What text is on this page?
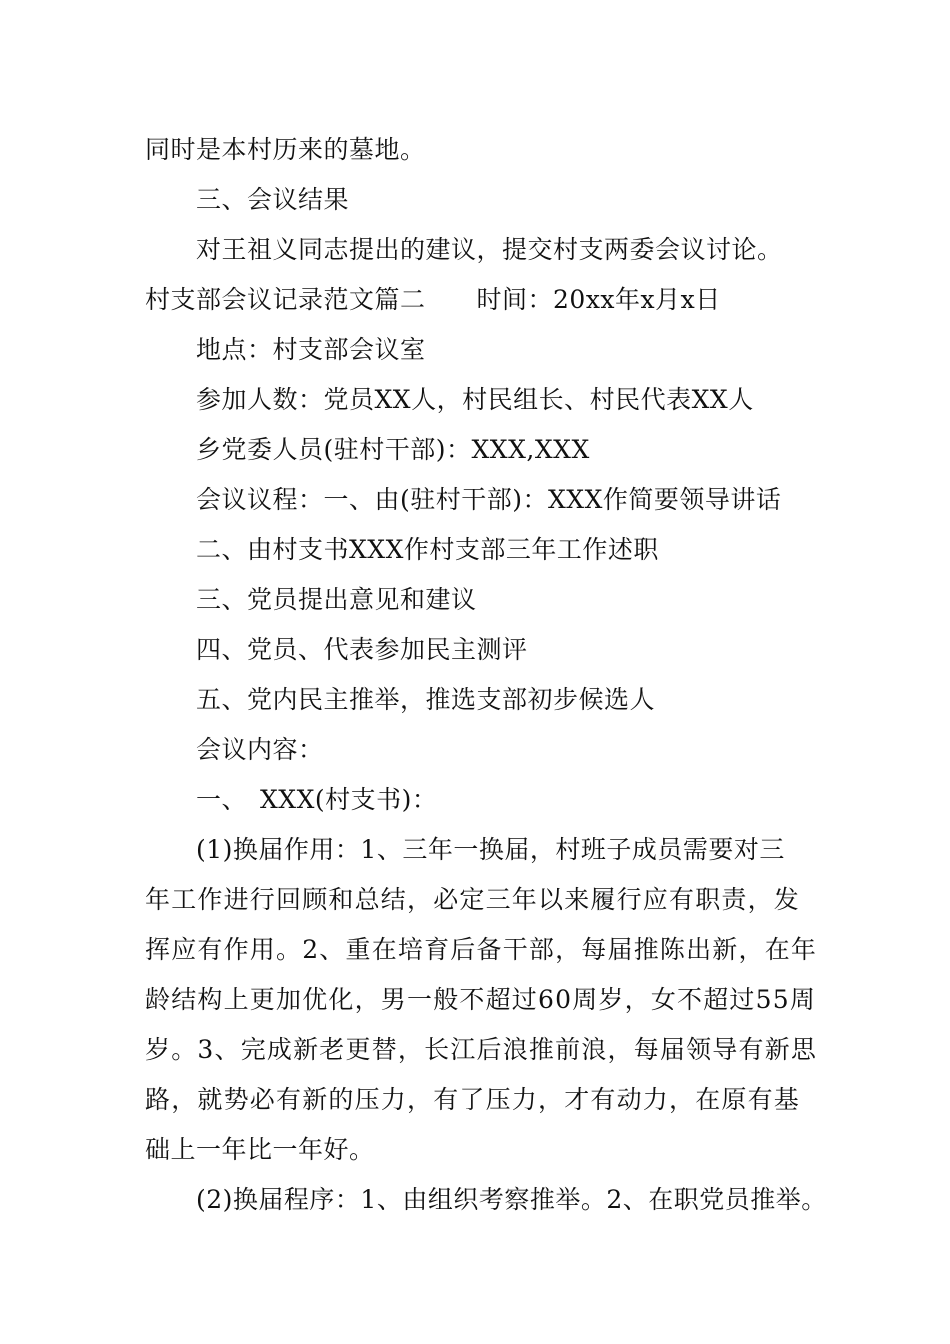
同时是本村历来的墓地。
三、会议结果
对王祖义同志提出的建议，提交村支两委会议讨论。
村支部会议记录范文篇二　　时间：20xx年x月x日
地点：村支部会议室
参加人数：党员XX人，村民组长、村民代表XX人
乡党委人员(驻村干部)：XXX,XXX
会议议程：一、由(驻村干部)：XXX作简要领导讲话
二、由村支书XXX作村支部三年工作述职
三、党员提出意见和建议
四、党员、代表参加民主测评
五、党内民主推举，推选支部初步候选人
会议内容：
一、　XXX(村支书)：
(1)换届作用：1、三年一换届，村班子成员需要对三
年工作进行回顾和总结，必定三年以来履行应有职责，发
挥应有作用。2、重在培育后备干部，每届推陈出新，在年
龄结构上更加优化，男一般不超过60周岁，女不超过55周
岁。3、完成新老更替，长江后浪推前浪，每届领导有新思
路，就势必有新的压力，有了压力，才有动力，在原有基
础上一年比一年好。
(2)换届程序：1、由组织考察推举。2、在职党员推举。
